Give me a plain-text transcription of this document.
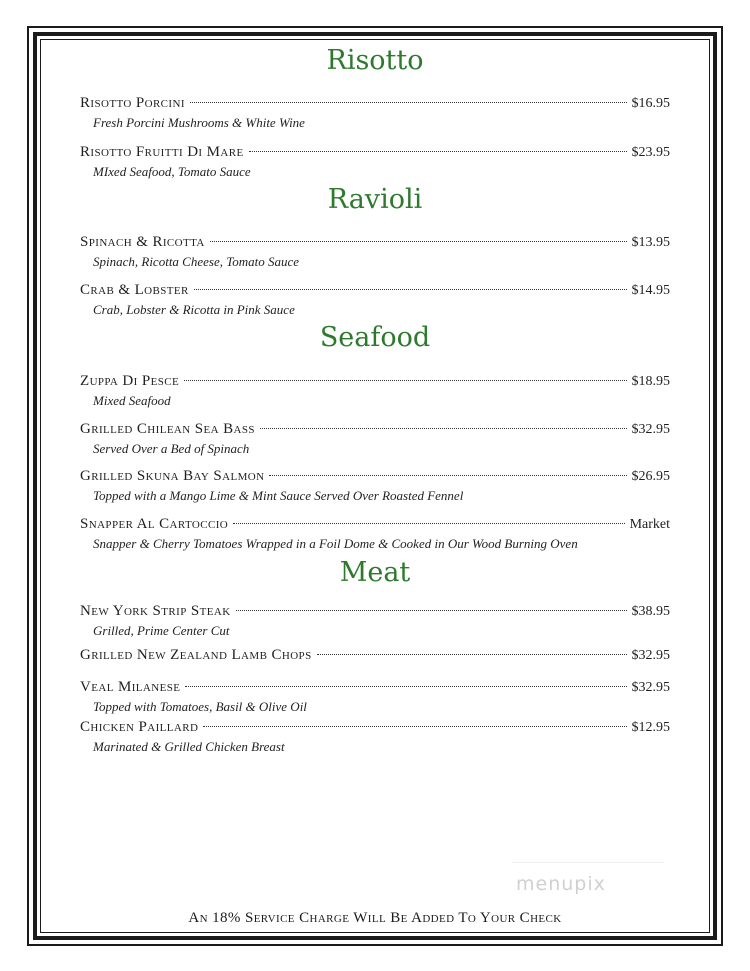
Risotto
Risotto Porcini	$16.95
Fresh Porcini Mushrooms & White Wine
Risotto Fruitti Di Mare	$23.95
MIxed Seafood, Tomato Sauce
Ravioli
Spinach & Ricotta	$13.95
Spinach, Ricotta Cheese, Tomato Sauce
Crab & Lobster	$14.95
Crab, Lobster & Ricotta in Pink Sauce
Seafood
Zuppa Di Pesce	$18.95
Mixed Seafood
Grilled Chilean Sea Bass	$32.95
Served Over a Bed of Spinach
Grilled Skuna Bay Salmon	$26.95
Topped with a Mango Lime & Mint Sauce Served Over Roasted Fennel
Snapper Al Cartoccio	Market
Snapper & Cherry Tomatoes Wrapped in a Foil Dome & Cooked in Our Wood Burning Oven
Meat
New York Strip Steak	$38.95
Grilled, Prime Center Cut
Grilled New Zealand Lamb Chops	$32.95
Veal Milanese	$32.95
Topped with Tomatoes, Basil & Olive Oil
Chicken Paillard	$12.95
Marinated & Grilled Chicken Breast
menupix
An 18% Service Charge Will Be Added To Your Check
